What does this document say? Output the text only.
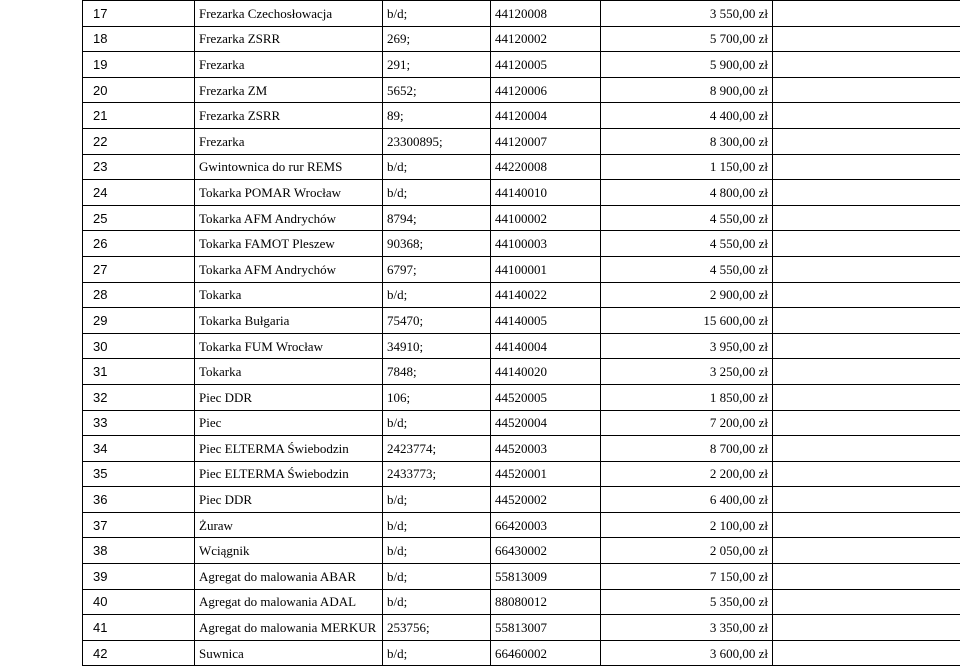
17	Frezarka Czechosłowacja	b/d;	44120008	3 550,00 zł	
18	Frezarka ZSRR	269;	44120002	5 700,00 zł	
19	Frezarka	291;	44120005	5 900,00 zł	
20	Frezarka ZM	5652;	44120006	8 900,00 zł	
21	Frezarka ZSRR	89;	44120004	4 400,00 zł	
22	Frezarka	23300895;	44120007	8 300,00 zł	
23	Gwintownica do rur REMS	b/d;	44220008	1 150,00 zł	
24	Tokarka POMAR Wrocław	b/d;	44140010	4 800,00 zł	
25	Tokarka AFM Andrychów	8794;	44100002	4 550,00 zł	
26	Tokarka FAMOT Pleszew	90368;	44100003	4 550,00 zł	
27	Tokarka AFM Andrychów	6797;	44100001	4 550,00 zł	
28	Tokarka	b/d;	44140022	2 900,00 zł	
29	Tokarka Bułgaria	75470;	44140005	15 600,00 zł	
30	Tokarka FUM Wrocław	34910;	44140004	3 950,00 zł	
31	Tokarka	7848;	44140020	3 250,00 zł	
32	Piec DDR	106;	44520005	1 850,00 zł	
33	Piec	b/d;	44520004	7 200,00 zł	
34	Piec ELTERMA Świebodzin	2423774;	44520003	8 700,00 zł	
35	Piec ELTERMA Świebodzin	2433773;	44520001	2 200,00 zł	
36	Piec DDR	b/d;	44520002	6 400,00 zł	
37	Żuraw	b/d;	66420003	2 100,00 zł	
38	Wciągnik	b/d;	66430002	2 050,00 zł	
39	Agregat do malowania ABAR	b/d;	55813009	7 150,00 zł	
40	Agregat do malowania ADAL	b/d;	88080012	5 350,00 zł	
41	Agregat do malowania MERKUR	253756;	55813007	3 350,00 zł	
42	Suwnica	b/d;	66460002	3 600,00 zł	
